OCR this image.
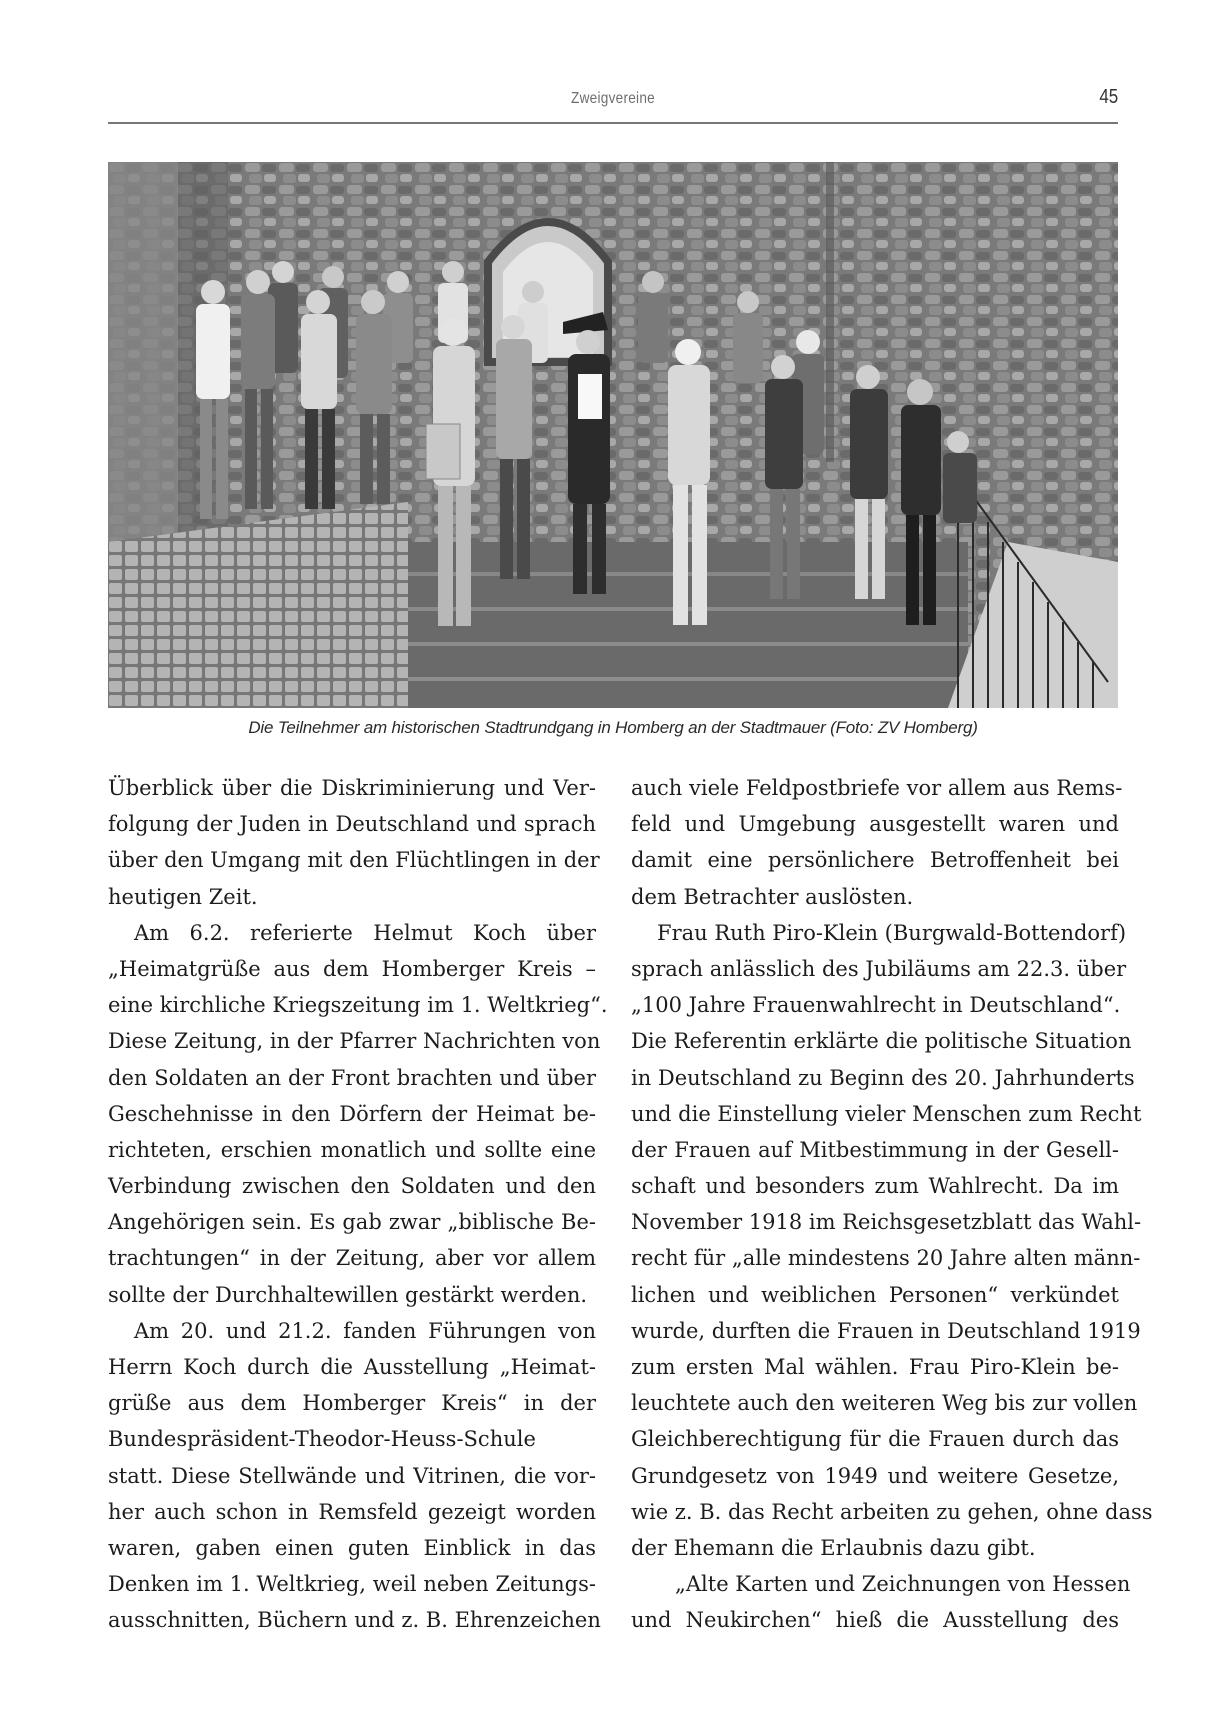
Zweigvereine	45
Die Teilnehmer am historischen Stadtrundgang in Homberg an der Stadtmauer (Foto: ZV Homberg)
Überblick über die Diskriminierung und Ver-
folgung der Juden in Deutschland und sprach
über den Umgang mit den Flüchtlingen in der
heutigen Zeit.
Am 6.2. referierte Helmut Koch über
„Heimatgrüße aus dem Homberger Kreis –
eine kirchliche Kriegszeitung im 1. Weltkrieg“.
Diese Zeitung, in der Pfarrer Nachrichten von
den Soldaten an der Front brachten und über
Geschehnisse in den Dörfern der Heimat be-
richteten, erschien monatlich und sollte eine
Verbindung zwischen den Soldaten und den
Angehörigen sein. Es gab zwar „biblische Be-
trachtungen“ in der Zeitung, aber vor allem
sollte der Durchhaltewillen gestärkt werden.
Am 20. und 21.2. fanden Führungen von
Herrn Koch durch die Ausstellung „Heimat-
grüße aus dem Homberger Kreis“ in der
Bundespräsident-Theodor-Heuss-Schule
statt. Diese Stellwände und Vitrinen, die vor-
her auch schon in Remsfeld gezeigt worden
waren, gaben einen guten Einblick in das
Denken im 1. Weltkrieg, weil neben Zeitungs-
ausschnitten, Büchern und z. B. Ehrenzeichen
auch viele Feldpostbriefe vor allem aus Rems-
feld und Umgebung ausgestellt waren und
damit eine persönlichere Betroffenheit bei
dem Betrachter auslösten.
Frau Ruth Piro-Klein (Burgwald-Bottendorf)
sprach anlässlich des Jubiläums am 22.3. über
„100 Jahre Frauenwahlrecht in Deutschland“.
Die Referentin erklärte die politische Situation
in Deutschland zu Beginn des 20. Jahrhunderts
und die Einstellung vieler Menschen zum Recht
der Frauen auf Mitbestimmung in der Gesell-
schaft und besonders zum Wahlrecht. Da im
November 1918 im Reichsgesetzblatt das Wahl-
recht für „alle mindestens 20 Jahre alten männ-
lichen und weiblichen Personen“ verkündet
wurde, durften die Frauen in Deutschland 1919
zum ersten Mal wählen. Frau Piro-Klein be-
leuchtete auch den weiteren Weg bis zur vollen
Gleichberechtigung für die Frauen durch das
Grundgesetz von 1949 und weitere Gesetze,
wie z. B. das Recht arbeiten zu gehen, ohne dass
der Ehemann die Erlaubnis dazu gibt.
„Alte Karten und Zeichnungen von Hessen
und Neukirchen“ hieß die Ausstellung des
